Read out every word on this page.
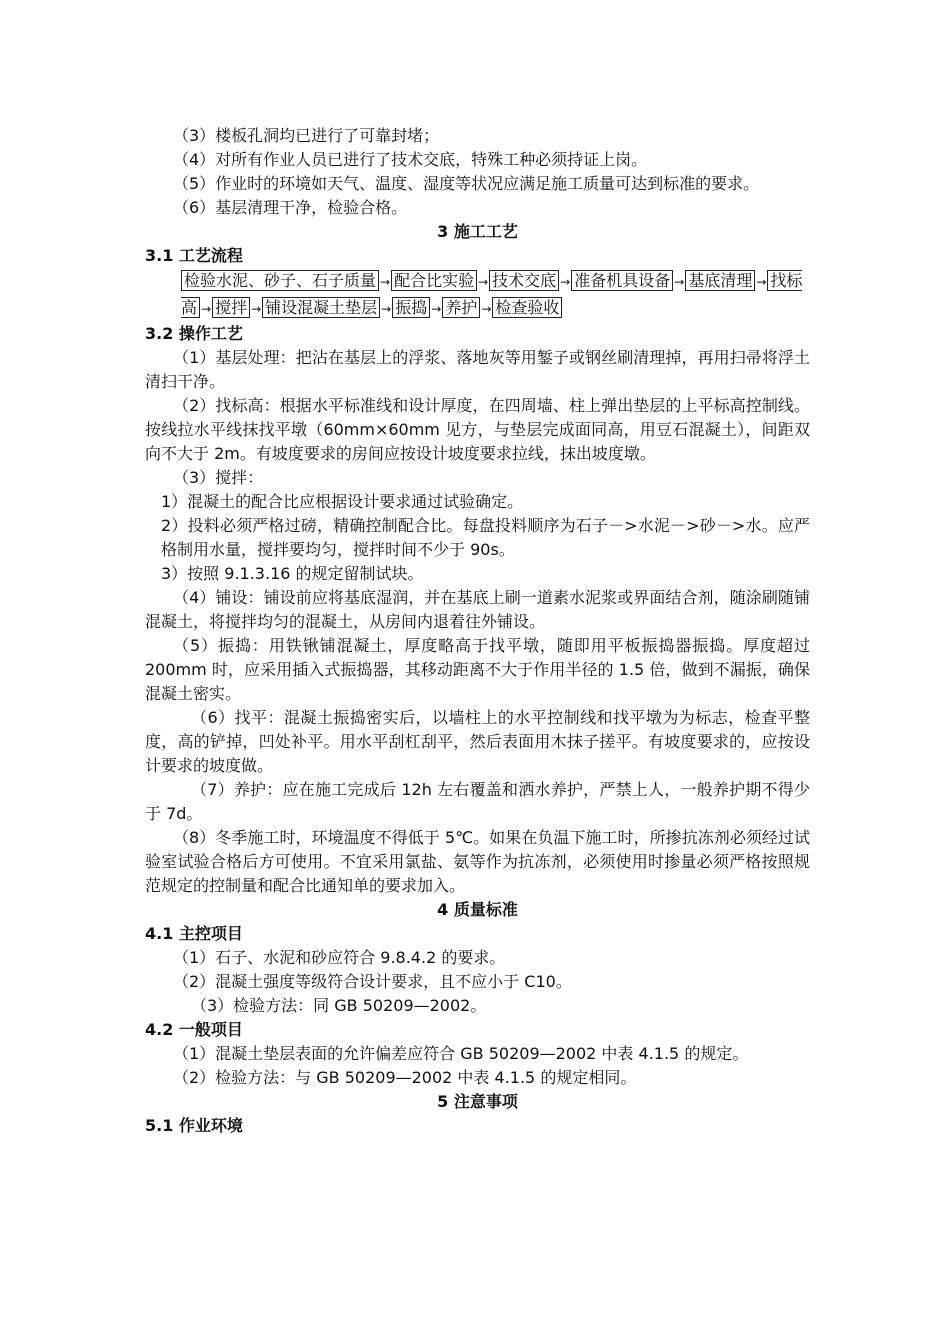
（3）楼板孔洞均已进行了可靠封堵；

（4）对所有作业人员已进行了技术交底，特殊工种必须持证上岗。

（5）作业时的环境如天气、温度、湿度等状况应满足施工质量可达到标准的要求。

（6）基层清理干净，检验合格。

3 施工工艺

3.1 工艺流程

检验水泥、砂子、石子质量 → 配合比实验 → 技术交底 → 准备机具设备 → 基底清理 → 找标高 → 搅拌 → 铺设混凝土垫层 → 振捣 → 养护 → 检查验收

3.2 操作工艺

（1）基层处理：把沾在基层上的浮浆、落地灰等用錾子或钢丝刷清理掉，再用扫帚将浮土清扫干净。

（2）找标高：根据水平标准线和设计厚度，在四周墙、柱上弹出垫层的上平标高控制线。按线拉水平线抹找平墩（60mm×60mm 见方，与垫层完成面同高，用豆石混凝土），间距双向不大于 2m。有坡度要求的房间应按设计坡度要求拉线，抹出坡度墩。

（3）搅拌：

1）混凝土的配合比应根据设计要求通过试验确定。

2）投料必须严格过磅，精确控制配合比。每盘投料顺序为石子－>水泥－>砂－>水。应严格制用水量，搅拌要均匀，搅拌时间不少于 90s。

3）按照 9.1.3.16 的规定留制试块。

（4）铺设：铺设前应将基底湿润，并在基底上刷一道素水泥浆或界面结合剂，随涂刷随铺混凝土，将搅拌均匀的混凝土，从房间内退着往外铺设。

（5）振捣：用铁锹铺混凝土，厚度略高于找平墩，随即用平板振捣器振捣。厚度超过 200mm 时，应采用插入式振捣器，其移动距离不大于作用半径的 1.5 倍，做到不漏振，确保混凝土密实。

（6）找平：混凝土振捣密实后，以墙柱上的水平控制线和找平墩为为标志，检查平整度，高的铲掉，凹处补平。用水平刮杠刮平，然后表面用木抹子搓平。有坡度要求的，应按设计要求的坡度做。

（7）养护：应在施工完成后 12h 左右覆盖和洒水养护，严禁上人，一般养护期不得少于 7d。

（8）冬季施工时，环境温度不得低于 5℃。如果在负温下施工时，所掺抗冻剂必须经过试验室试验合格后方可使用。不宜采用氯盐、氨等作为抗冻剂，必须使用时掺量必须严格按照规范规定的控制量和配合比通知单的要求加入。

4 质量标准

4.1 主控项目

（1）石子、水泥和砂应符合 9.8.4.2 的要求。

（2）混凝土强度等级符合设计要求，且不应小于 C10。

（3）检验方法：同 GB 50209—2002。

4.2 一般项目

（1）混凝土垫层表面的允许偏差应符合 GB 50209—2002 中表 4.1.5 的规定。

（2）检验方法：与 GB 50209—2002 中表 4.1.5 的规定相同。

5 注意事项

5.1 作业环境
